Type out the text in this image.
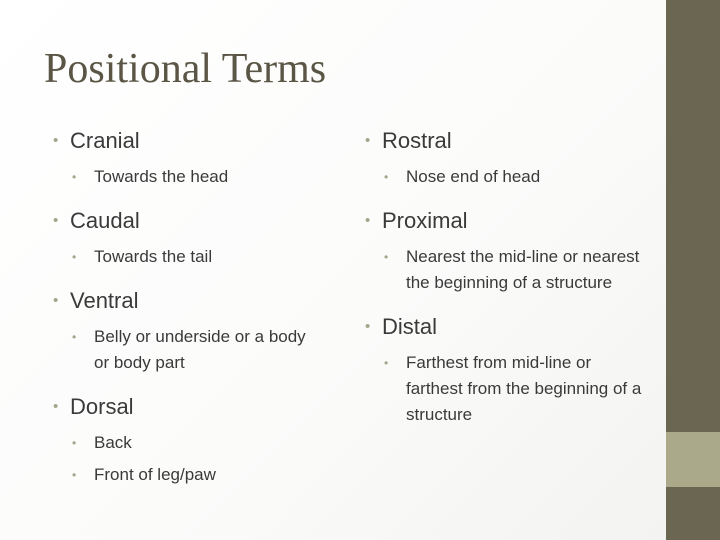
Positional Terms
• Cranial
• Towards the head
• Caudal
• Towards the tail
• Ventral
• Belly or underside or a body or body part
• Dorsal
• Back
• Front of leg/paw
• Rostral
• Nose end of head
• Proximal
• Nearest the mid-line or nearest the beginning of a structure
• Distal
• Farthest from mid-line or farthest from the beginning of a structure
